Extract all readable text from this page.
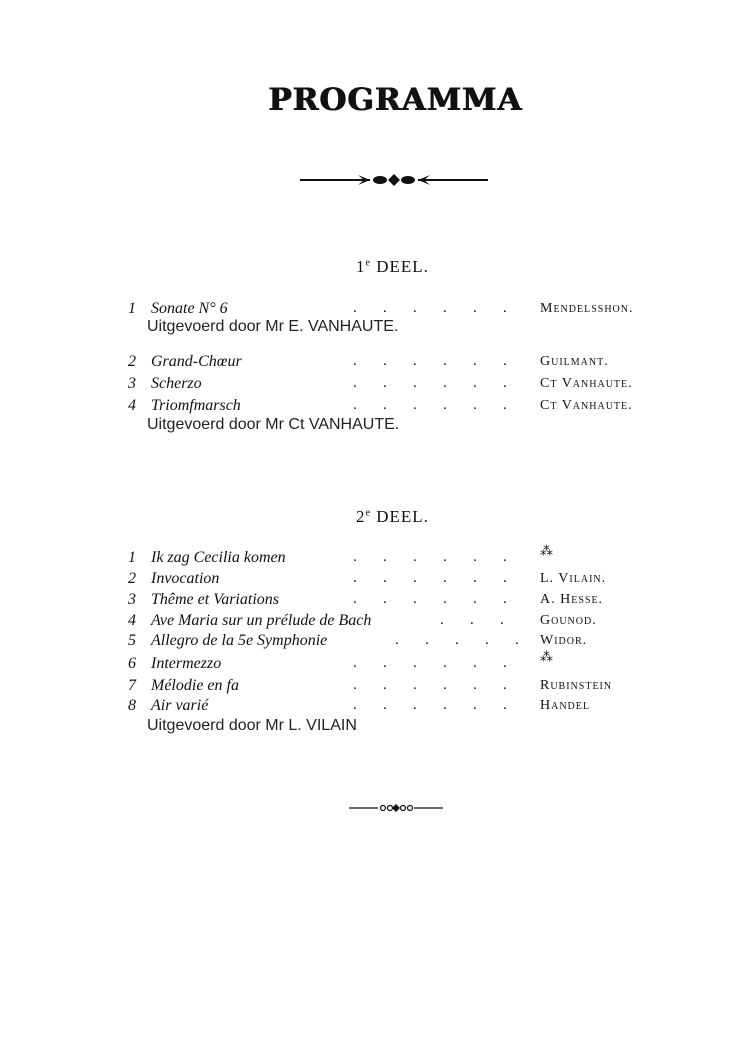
PROGRAMMA
1e DEEL.
1 Sonate N° 6	.       .       .       .       .       . Mendelsshon.
Uitgevoerd door Mr E. VANHAUTE.
2 Grand-Chœur	.       .       .       .       .       . Guilmant.
3 Scherzo	.       .       .       .       .       . Ct Vanhaute.
4 Triomfmarsch	.       .       .       .       .       . Ct Vanhaute.
Uitgevoerd door Mr Ct VANHAUTE.
2e DEEL.
1 Ik zag Cecilia komen	.       .       .       .       .       .	⁂
2 Invocation	.       .       .       .       .       . L. Vilain.
3 Thême et Variations	.       .       .       .       .       . A. Hesse.
4 Ave Maria sur un prélude de Bach	.       .       .	Gounod.
5 Allegro de la 5e Symphonie	.       .       .       .       . Widor.
6 Intermezzo	.       .       .       .       .       .	⁂
7 Mélodie en fa	.       .       .       .       .       . Rubinstein
8 Air varié	.       .       .       .       .       . Handel
Uitgevoerd door Mr L. VILAIN
